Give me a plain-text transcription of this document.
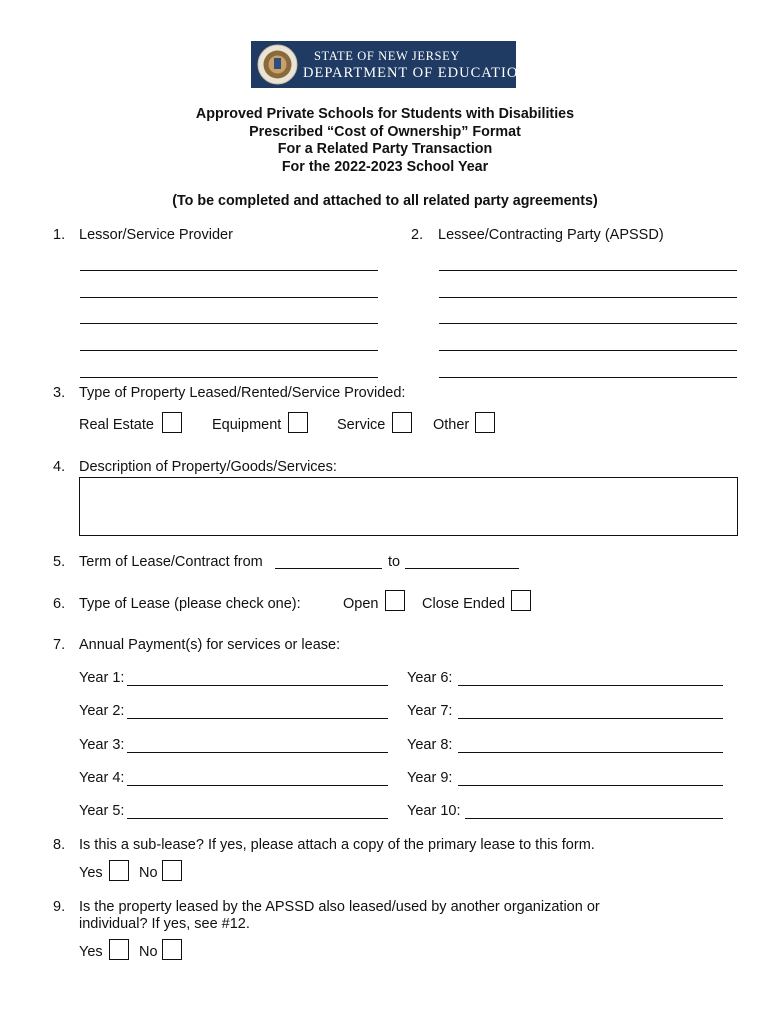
STATE OF NEW JERSEY
DEPARTMENT OF EDUCATION
Approved Private Schools for Students with Disabilities
Prescribed “Cost of Ownership” Format
For a Related Party Transaction
For the 2022-2023 School Year
(To be completed and attached to all related party agreements)
1. Lessor/Service Provider	2.	Lessee/Contracting Party (APSSD)
3. Type of Property Leased/Rented/Service Provided:
Real Estate	Equipment	Service	Other
4. Description of Property/Goods/Services:
5. Term of Lease/Contract from	to
6. Type of Lease (please check one):	Open	Close Ended
7. Annual Payment(s) for services or lease:
Year 1:
Year 2:
Year 3:
Year 4:
Year 5:
Year 6:
Year 7:
Year 8:
Year 9:
Year 10:
8. Is this a sub-lease? If yes, please attach a copy of the primary lease to this form.
Yes	No
9. Is the property leased by the APSSD also leased/used by another organization or
individual? If yes, see #12.
Yes	No
